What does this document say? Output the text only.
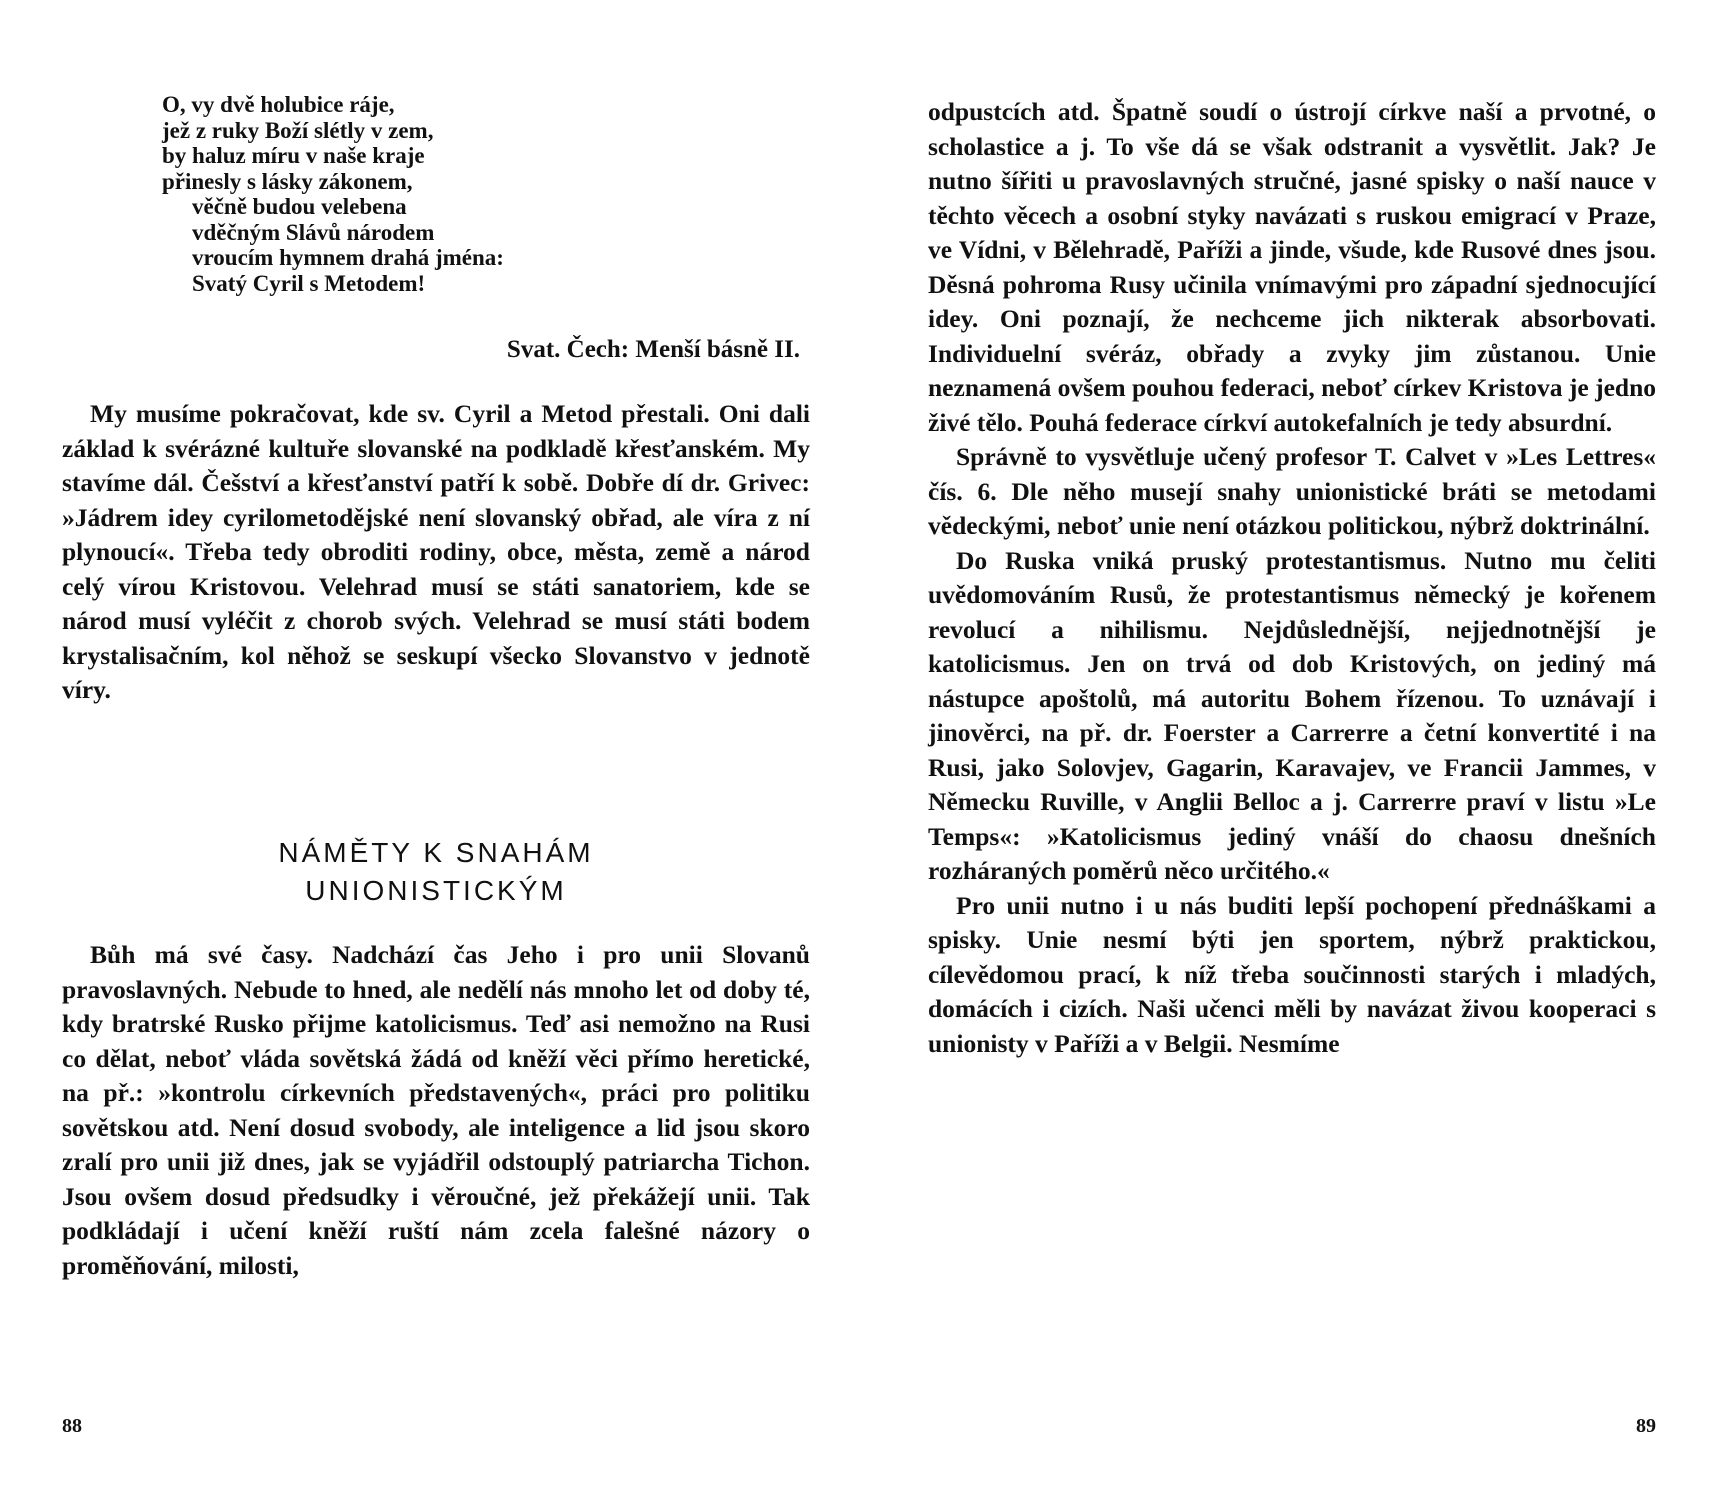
O, vy dvě holubice ráje,
jež z ruky Boží slétly v zem,
by haluz míru v naše kraje
přinesly s lásky zákonem,
věčně budou velebena
vděčným Slávů národem
vroucím hymnem drahá jména:
Svatý Cyril s Metodem!
Svat. Čech: Menší básně II.

My musíme pokračovat, kde sv. Cyril a Metod přestali. Oni dali základ k svérázné kultuře slovanské na podkladě křesťanském. My stavíme dál. Češství a křesťanství patří k sobě. Dobře dí dr. Grivec: »Jádrem idey cyrilometodějské není slovanský obřad, ale víra z ní plynoucí«. Třeba tedy obroditi rodiny, obce, města, země a národ celý vírou Kristovou. Velehrad musí se státi sanatoriem, kde se národ musí vyléčit z chorob svých. Velehrad se musí státi bodem krystalisačním, kol něhož se seskupí všecko Slovanstvo v jednotě víry.

NÁMĚTY K SNAHÁM
UNIONISTICKÝM

Bůh má své časy. Nadchází čas Jeho i pro unii Slovanů pravoslavných. Nebude to hned, ale nedělí nás mnoho let od doby té, kdy bratrské Rusko přijme katolicismus. Teď asi nemožno na Rusi co dělat, neboť vláda sovětská žádá od kněží věci přímo heretické, na př.: »kontrolu církevních představených«, práci pro politiku sovětskou atd. Není dosud svobody, ale inteligence a lid jsou skoro zralí pro unii již dnes, jak se vyjádřil odstouplý patriarcha Tichon. Jsou ovšem dosud předsudky i věroučné, jež překážejí unii. Tak podkládají i učení kněží ruští nám zcela falešné názory o proměňování, milosti,

88

odpustcích atd. Špatně soudí o ústrojí církve naší a prvotné, o scholastice a j. To vše dá se však odstranit a vysvětlit. Jak? Je nutno šířiti u pravoslavných stručné, jasné spisky o naší nauce v těchto věcech a osobní styky navázati s ruskou emigrací v Praze, ve Vídni, v Bělehradě, Paříži a jinde, všude, kde Rusové dnes jsou. Děsná pohroma Rusy učinila vnímavými pro západní sjednocující idey. Oni poznají, že nechceme jich nikterak absorbovati. Individuelní svéráz, obřady a zvyky jim zůstanou. Unie neznamená ovšem pouhou federaci, neboť církev Kristova je jedno živé tělo. Pouhá federace církví autokefalních je tedy absurdní.

Správně to vysvětluje učený profesor T. Calvet v »Les Lettres« čís. 6. Dle něho musejí snahy unionistické bráti se metodami vědeckými, neboť unie není otázkou politickou, nýbrž doktrinální.

Do Ruska vniká pruský protestantismus. Nutno mu čeliti uvědomováním Rusů, že protestantismus německý je kořenem revolucí a nihilismu. Nejdůslednější, nejjednotnější je katolicismus. Jen on trvá od dob Kristových, on jediný má nástupce apoštolů, má autoritu Bohem řízenou. To uznávají i jinověrci, na př. dr. Foerster a Carrerre a četní konvertité i na Rusi, jako Solovjev, Gagarin, Karavajev, ve Francii Jammes, v Německu Ruville, v Anglii Belloc a j. Carrerre praví v listu »Le Temps«: »Katolicismus jediný vnáší do chaosu dnešních rozháraných poměrů něco určitého.«

Pro unii nutno i u nás buditi lepší pochopení přednáškami a spisky. Unie nesmí býti jen sportem, nýbrž praktickou, cílevědomou prací, k níž třeba součinnosti starých i mladých, domácích i cizích. Naši učenci měli by navázat živou kooperaci s unionisty v Paříži a v Belgii. Nesmíme

89
